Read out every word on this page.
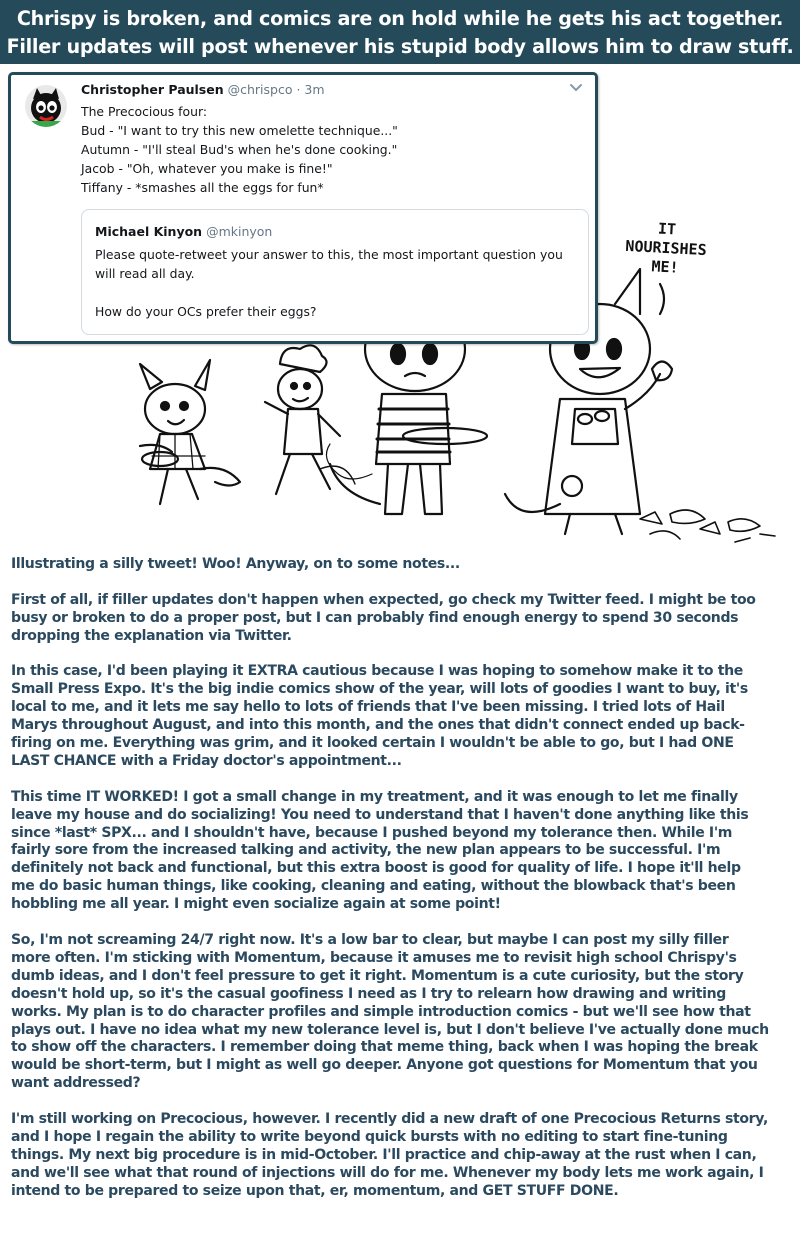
Chrispy is broken, and comics are on hold while he gets his act together.
Filler updates will post whenever his stupid body allows him to draw stuff.
IT
NOURISHES
ME!
Christopher Paulsen @chrispco · 3m
The Precocious four:
Bud - "I want to try this new omelette technique..."
Autumn - "I'll steal Bud's when he's done cooking."
Jacob - "Oh, whatever you make is fine!"
Tiffany - *smashes all the eggs for fun*
Michael Kinyon @mkinyon
Please quote-retweet your answer to this, the most important question you
will read all day.
How do your OCs prefer their eggs?

Illustrating a silly tweet! Woo! Anyway, on to some notes...

First of all, if filler updates don't happen when expected, go check my Twitter feed. I might be too
busy or broken to do a proper post, but I can probably find enough energy to spend 30 seconds
dropping the explanation via Twitter.

In this case, I'd been playing it EXTRA cautious because I was hoping to somehow make it to the
Small Press Expo. It's the big indie comics show of the year, will lots of goodies I want to buy, it's
local to me, and it lets me say hello to lots of friends that I've been missing. I tried lots of Hail
Marys throughout August, and into this month, and the ones that didn't connect ended up back-
firing on me. Everything was grim, and it looked certain I wouldn't be able to go, but I had ONE
LAST CHANCE with a Friday doctor's appointment...

This time IT WORKED! I got a small change in my treatment, and it was enough to let me finally
leave my house and do socializing! You need to understand that I haven't done anything like this
since *last* SPX... and I shouldn't have, because I pushed beyond my tolerance then. While I'm
fairly sore from the increased talking and activity, the new plan appears to be successful. I'm
definitely not back and functional, but this extra boost is good for quality of life. I hope it'll help
me do basic human things, like cooking, cleaning and eating, without the blowback that's been
hobbling me all year. I might even socialize again at some point!

So, I'm not screaming 24/7 right now. It's a low bar to clear, but maybe I can post my silly filler
more often. I'm sticking with Momentum, because it amuses me to revisit high school Chrispy's
dumb ideas, and I don't feel pressure to get it right. Momentum is a cute curiosity, but the story
doesn't hold up, so it's the casual goofiness I need as I try to relearn how drawing and writing
works. My plan is to do character profiles and simple introduction comics - but we'll see how that
plays out. I have no idea what my new tolerance level is, but I don't believe I've actually done much
to show off the characters. I remember doing that meme thing, back when I was hoping the break
would be short-term, but I might as well go deeper. Anyone got questions for Momentum that you
want addressed?

I'm still working on Precocious, however. I recently did a new draft of one Precocious Returns story,
and I hope I regain the ability to write beyond quick bursts with no editing to start fine-tuning
things. My next big procedure is in mid-October. I'll practice and chip-away at the rust when I can,
and we'll see what that round of injections will do for me. Whenever my body lets me work again, I
intend to be prepared to seize upon that, er, momentum, and GET STUFF DONE.
